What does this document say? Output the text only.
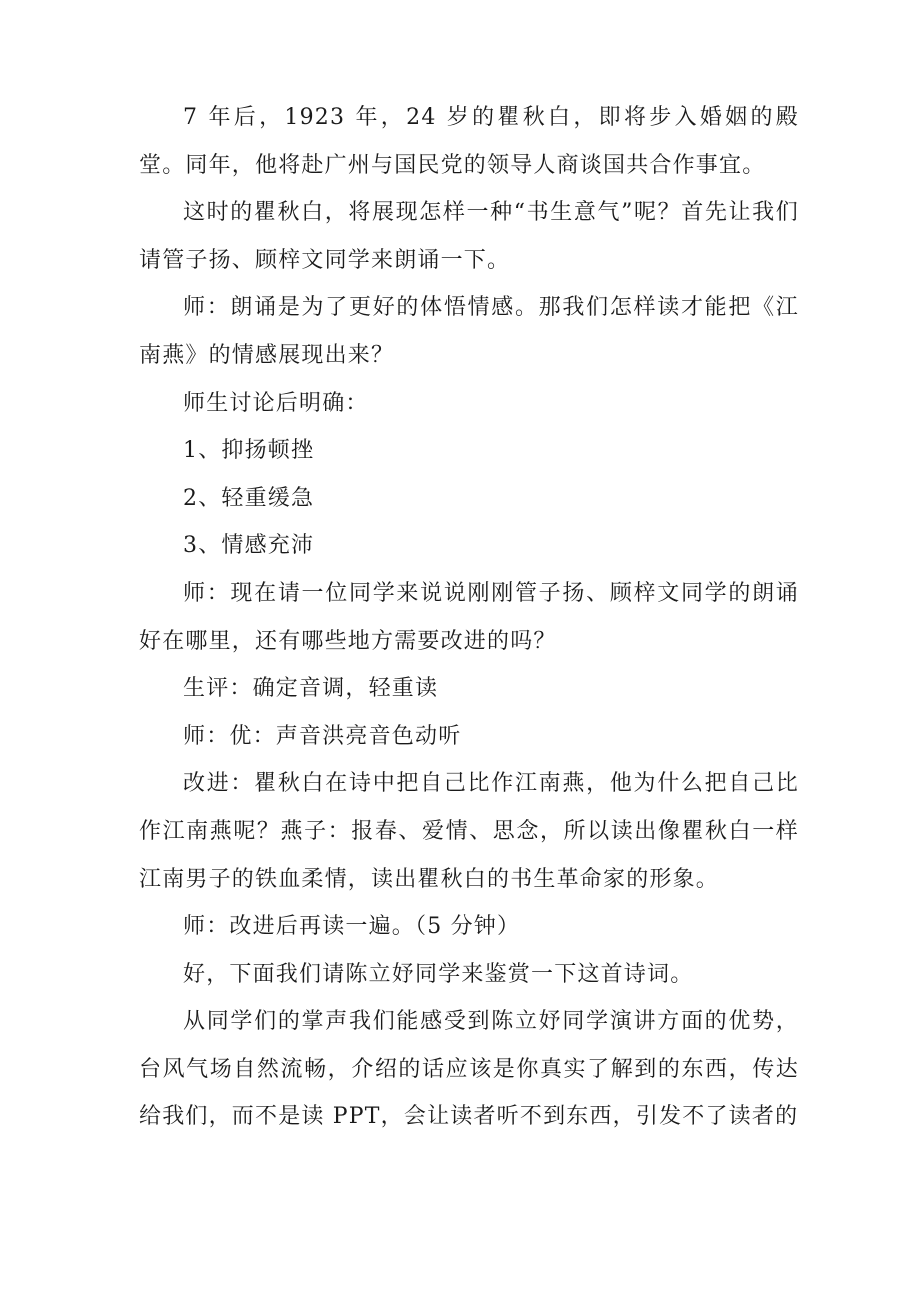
7 年后，1923 年，24 岁的瞿秋白，即将步入婚姻的殿堂。同年，他将赴广州与国民党的领导人商谈国共合作事宜。

这时的瞿秋白，将展现怎样一种“书生意气”呢？首先让我们请管子扬、顾梓文同学来朗诵一下。

师：朗诵是为了更好的体悟情感。那我们怎样读才能把《江南燕》的情感展现出来？

师生讨论后明确：

1、抑扬顿挫

2、轻重缓急

3、情感充沛

师：现在请一位同学来说说刚刚管子扬、顾梓文同学的朗诵好在哪里，还有哪些地方需要改进的吗？

生评：确定音调，轻重读

师：优：声音洪亮音色动听

改进：瞿秋白在诗中把自己比作江南燕，他为什么把自己比作江南燕呢？燕子：报春、爱情、思念，所以读出像瞿秋白一样江南男子的铁血柔情，读出瞿秋白的书生革命家的形象。

师：改进后再读一遍。（5 分钟）

好，下面我们请陈立妤同学来鉴赏一下这首诗词。

从同学们的掌声我们能感受到陈立妤同学演讲方面的优势，台风气场自然流畅，介绍的话应该是你真实了解到的东西，传达给我们，而不是读 PPT，会让读者听不到东西，引发不了读者的
